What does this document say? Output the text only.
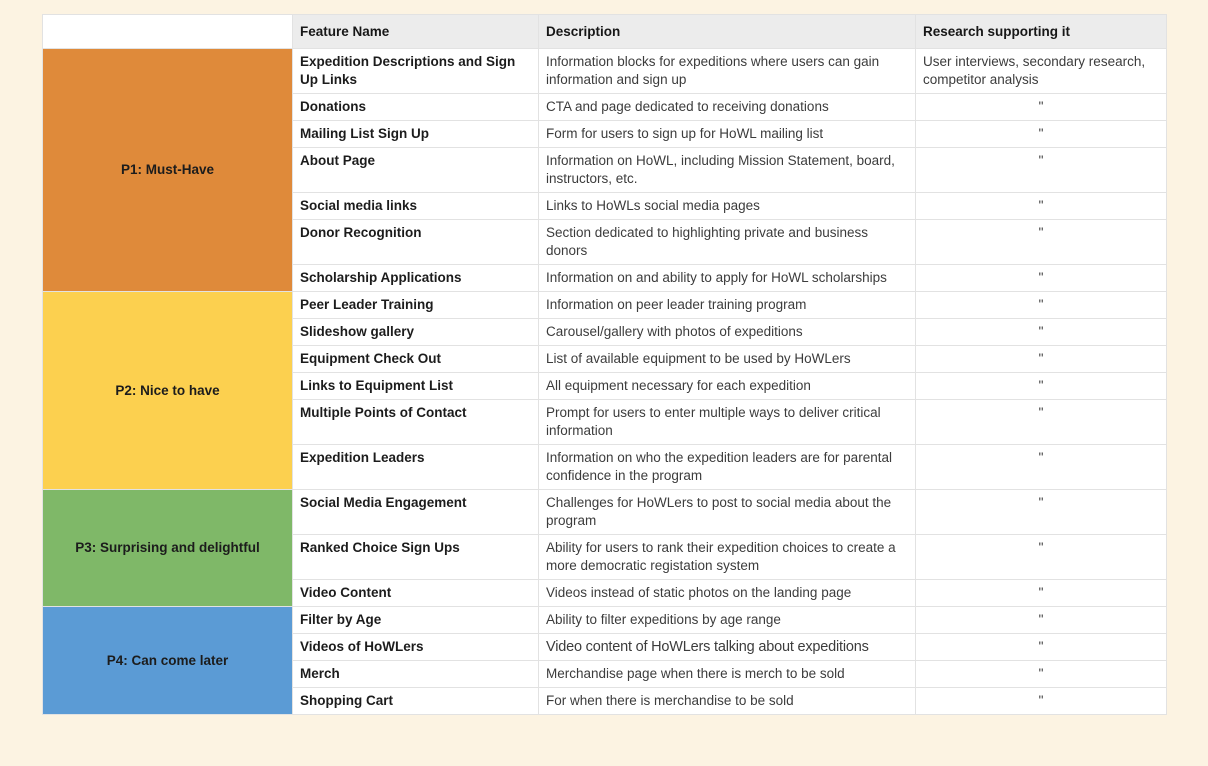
	Feature Name	Description	Research supporting it
P1: Must-Have	Expedition Descriptions and Sign Up Links	Information blocks for expeditions where users can gain information and sign up	User interviews, secondary research, competitor analysis
	Donations	CTA and page dedicated to receiving donations	"
	Mailing List Sign Up	Form for users to sign up for HoWL mailing list	"
	About Page	Information on HoWL, including Mission Statement, board, instructors, etc.	"
	Social media links	Links to HoWLs social media pages	"
	Donor Recognition	Section dedicated to highlighting private and business donors	"
	Scholarship Applications	Information on and ability to apply for HoWL scholarships	"
P2: Nice to have	Peer Leader Training	Information on peer leader training program	"
	Slideshow gallery	Carousel/gallery with photos of expeditions	"
	Equipment Check Out	List of available equipment to be used by HoWLers	"
	Links to Equipment List	All equipment necessary for each expedition	"
	Multiple Points of Contact	Prompt for users to enter multiple ways to deliver critical information	"
	Expedition Leaders	Information on who the expedition leaders are for parental confidence in the program	"
P3: Surprising and delightful	Social Media Engagement	Challenges for HoWLers to post to social media about the program	"
	Ranked Choice Sign Ups	Ability for users to rank their expedition choices to create a more democratic registation system	"
	Video Content	Videos instead of static photos on the landing page	"
P4: Can come later	Filter by Age	Ability to filter expeditions by age range	"
	Videos of HoWLers	Video content of HoWLers talking about expeditions	"
	Merch	Merchandise page when there is merch to be sold	"
	Shopping Cart	For when there is merchandise to be sold	"
